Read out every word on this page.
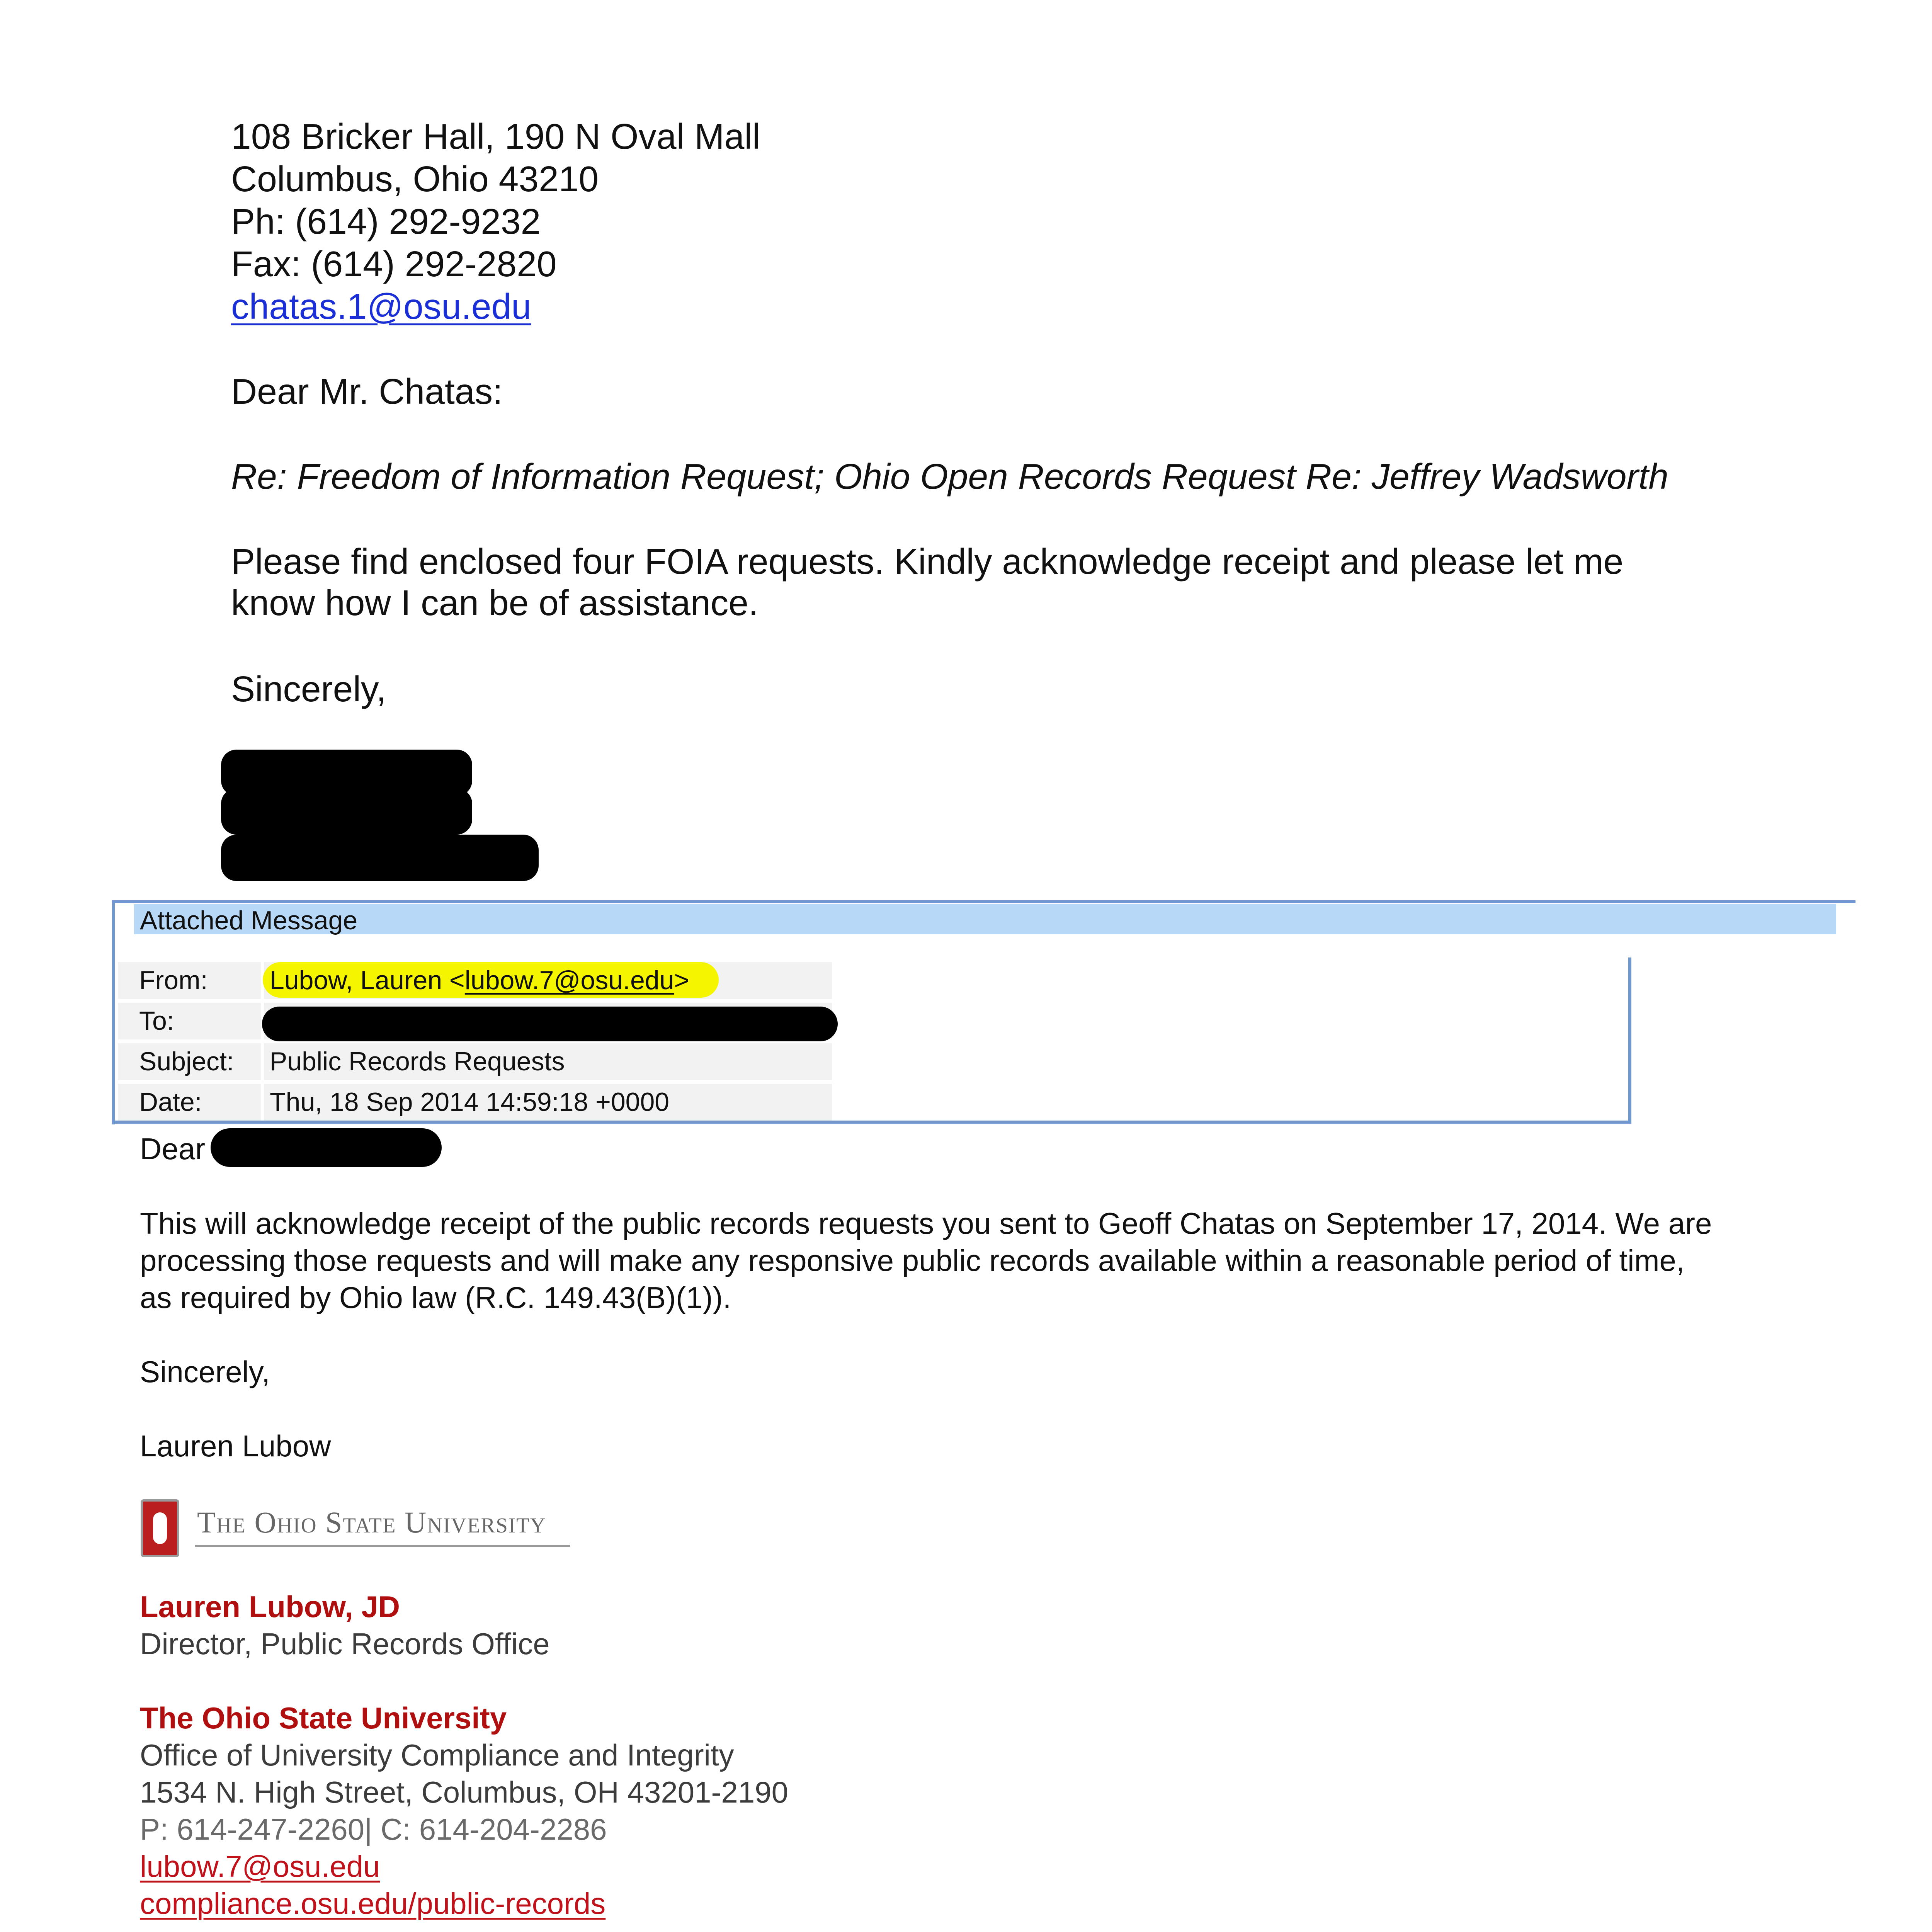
108 Bricker Hall, 190 N Oval Mall
Columbus, Ohio 43210
Ph: (614) 292-9232
Fax: (614) 292-2820
chatas.1@osu.edu
Dear Mr. Chatas:
Re: Freedom of Information Request; Ohio Open Records Request Re: Jeffrey Wadsworth
Please find enclosed four FOIA requests. Kindly acknowledge receipt and please let me
know how I can be of assistance.
Sincerely,
Attached Message
From: Lubow, Lauren <lubow.7@osu.edu>
To:
Subject: Public Records Requests
Date:	Thu, 18 Sep 2014 14:59:18 +0000
Dear
This will acknowledge receipt of the public records requests you sent to Geoff Chatas on September 17, 2014. We are
processing those requests and will make any responsive public records available within a reasonable period of time,
as required by Ohio law (R.C. 149.43(B)(1)).
Sincerely,
Lauren Lubow
The Ohio State University
Lauren Lubow, JD
Director, Public Records Office
The Ohio State University
Office of University Compliance and Integrity
1534 N. High Street, Columbus, OH 43201-2190
P: 614-247-2260| C: 614-204-2286
lubow.7@osu.edu
compliance.osu.edu/public-records
